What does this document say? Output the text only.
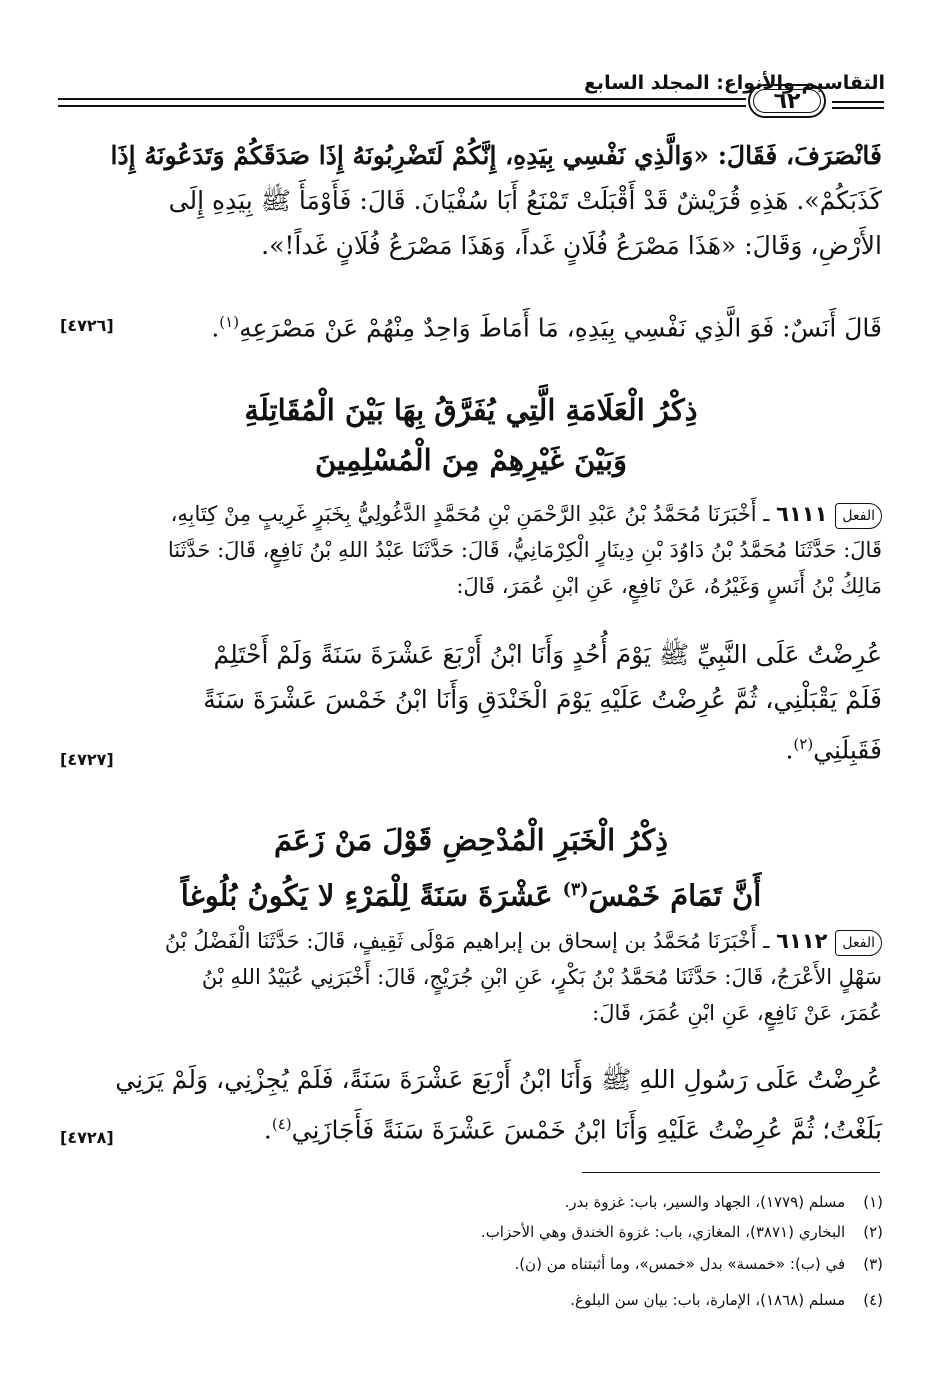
التقاسيم والأنواع: المجلد السابع
٦٢
فَانْصَرَفَ، فَقَالَ: «وَالَّذِي نَفْسِي بِيَدِهِ، إِنَّكُمْ لَتَضْرِبُونَهُ إِذَا صَدَقَكُمْ وَتَدَعُونَهُ إِذَا
كَذَبَكُمْ». هَذِهِ قُرَيْشٌ قَدْ أَقْبَلَتْ تَمْنَعُ أَبَا سُفْيَانَ. قَالَ: فَأَوْمَأَ ﷺ بِيَدِهِ إِلَى
الأَرْضِ، وَقَالَ: «هَذَا مَصْرَعُ فُلَانٍ غَداً، وَهَذَا مَصْرَعُ فُلَانٍ غَداً!».
قَالَ أَنَسٌ: فَوَ الَّذِي نَفْسِي بِيَدِهِ، مَا أَمَاطَ وَاحِدٌ مِنْهُمْ عَنْ مَصْرَعِهِ$^{(١)}$.
[٤٧٢٦]
ذِكْرُ الْعَلَامَةِ الَّتِي يُفَرَّقُ بِهَا بَيْنَ الْمُقَاتِلَةِ
وَبَيْنَ غَيْرِهِمْ مِنَ الْمُسْلِمِينَ
الفعل٦١١١ ـ أَخْبَرَنَا مُحَمَّدُ بْنُ عَبْدِ الرَّحْمَنِ بْنِ مُحَمَّدٍ الدَّغُولِيُّ بِخَبَرٍ غَرِيبٍ مِنْ كِتَابِهِ،
قَالَ: حَدَّثَنَا مُحَمَّدُ بْنُ دَاوُدَ بْنِ دِينَارٍ الْكِرْمَانِيُّ، قَالَ: حَدَّثَنَا عَبْدُ اللهِ بْنُ نَافِعٍ، قَالَ: حَدَّثَنَا
مَالِكُ بْنُ أَنَسٍ وَغَيْرُهُ، عَنْ نَافِعٍ، عَنِ ابْنِ عُمَرَ، قَالَ:
عُرِضْتُ عَلَى النَّبِيِّ ﷺ يَوْمَ أُحُدٍ وَأَنَا ابْنُ أَرْبَعَ عَشْرَةَ سَنَةً وَلَمْ أَحْتَلِمْ
فَلَمْ يَقْبَلْنِي، ثُمَّ عُرِضْتُ عَلَيْهِ يَوْمَ الْخَنْدَقِ وَأَنَا ابْنُ خَمْسَ عَشْرَةَ سَنَةً
فَقَبِلَنِي$^{(٢)}$.
[٤٧٢٧]
ذِكْرُ الْخَبَرِ الْمُدْحِضِ قَوْلَ مَنْ زَعَمَ
أَنَّ تَمَامَ خَمْسَ$^{(٣)}$ عَشْرَةَ سَنَةً لِلْمَرْءِ لا يَكُونُ بُلُوغاً
الفعل٦١١٢ ـ أَخْبَرَنَا مُحَمَّدُ بن إسحاق بن إبراهيم مَوْلَى ثَقِيفٍ، قَالَ: حَدَّثَنَا الْفَضْلُ بْنُ
سَهْلٍ الأَعْرَجُ، قَالَ: حَدَّثَنَا مُحَمَّدُ بْنُ بَكْرٍ، عَنِ ابْنِ جُرَيْجٍ، قَالَ: أَخْبَرَنِي عُبَيْدُ اللهِ بْنُ
عُمَرَ، عَنْ نَافِعٍ، عَنِ ابْنِ عُمَرَ، قَالَ:
عُرِضْتُ عَلَى رَسُولِ اللهِ ﷺ وَأَنَا ابْنُ أَرْبَعَ عَشْرَةَ سَنَةً، فَلَمْ يُجِزْنِي، وَلَمْ يَرَنِي
بَلَغْتُ؛ ثُمَّ عُرِضْتُ عَلَيْهِ وَأَنَا ابْنُ خَمْسَ عَشْرَةَ سَنَةً فَأَجَازَنِي$^{(٤)}$.
[٤٧٢٨]
(١)مسلم (١٧٧٩)، الجهاد والسير، باب: غزوة بدر.
(٢)البخاري (٣٨٧١)، المغازي، باب: غزوة الخندق وهي الأحزاب.
(٣)في (ب): «خمسة» بدل «خمس»، وما أثبتناه من (ن).
(٤)مسلم (١٨٦٨)، الإمارة، باب: بيان سن البلوغ.
